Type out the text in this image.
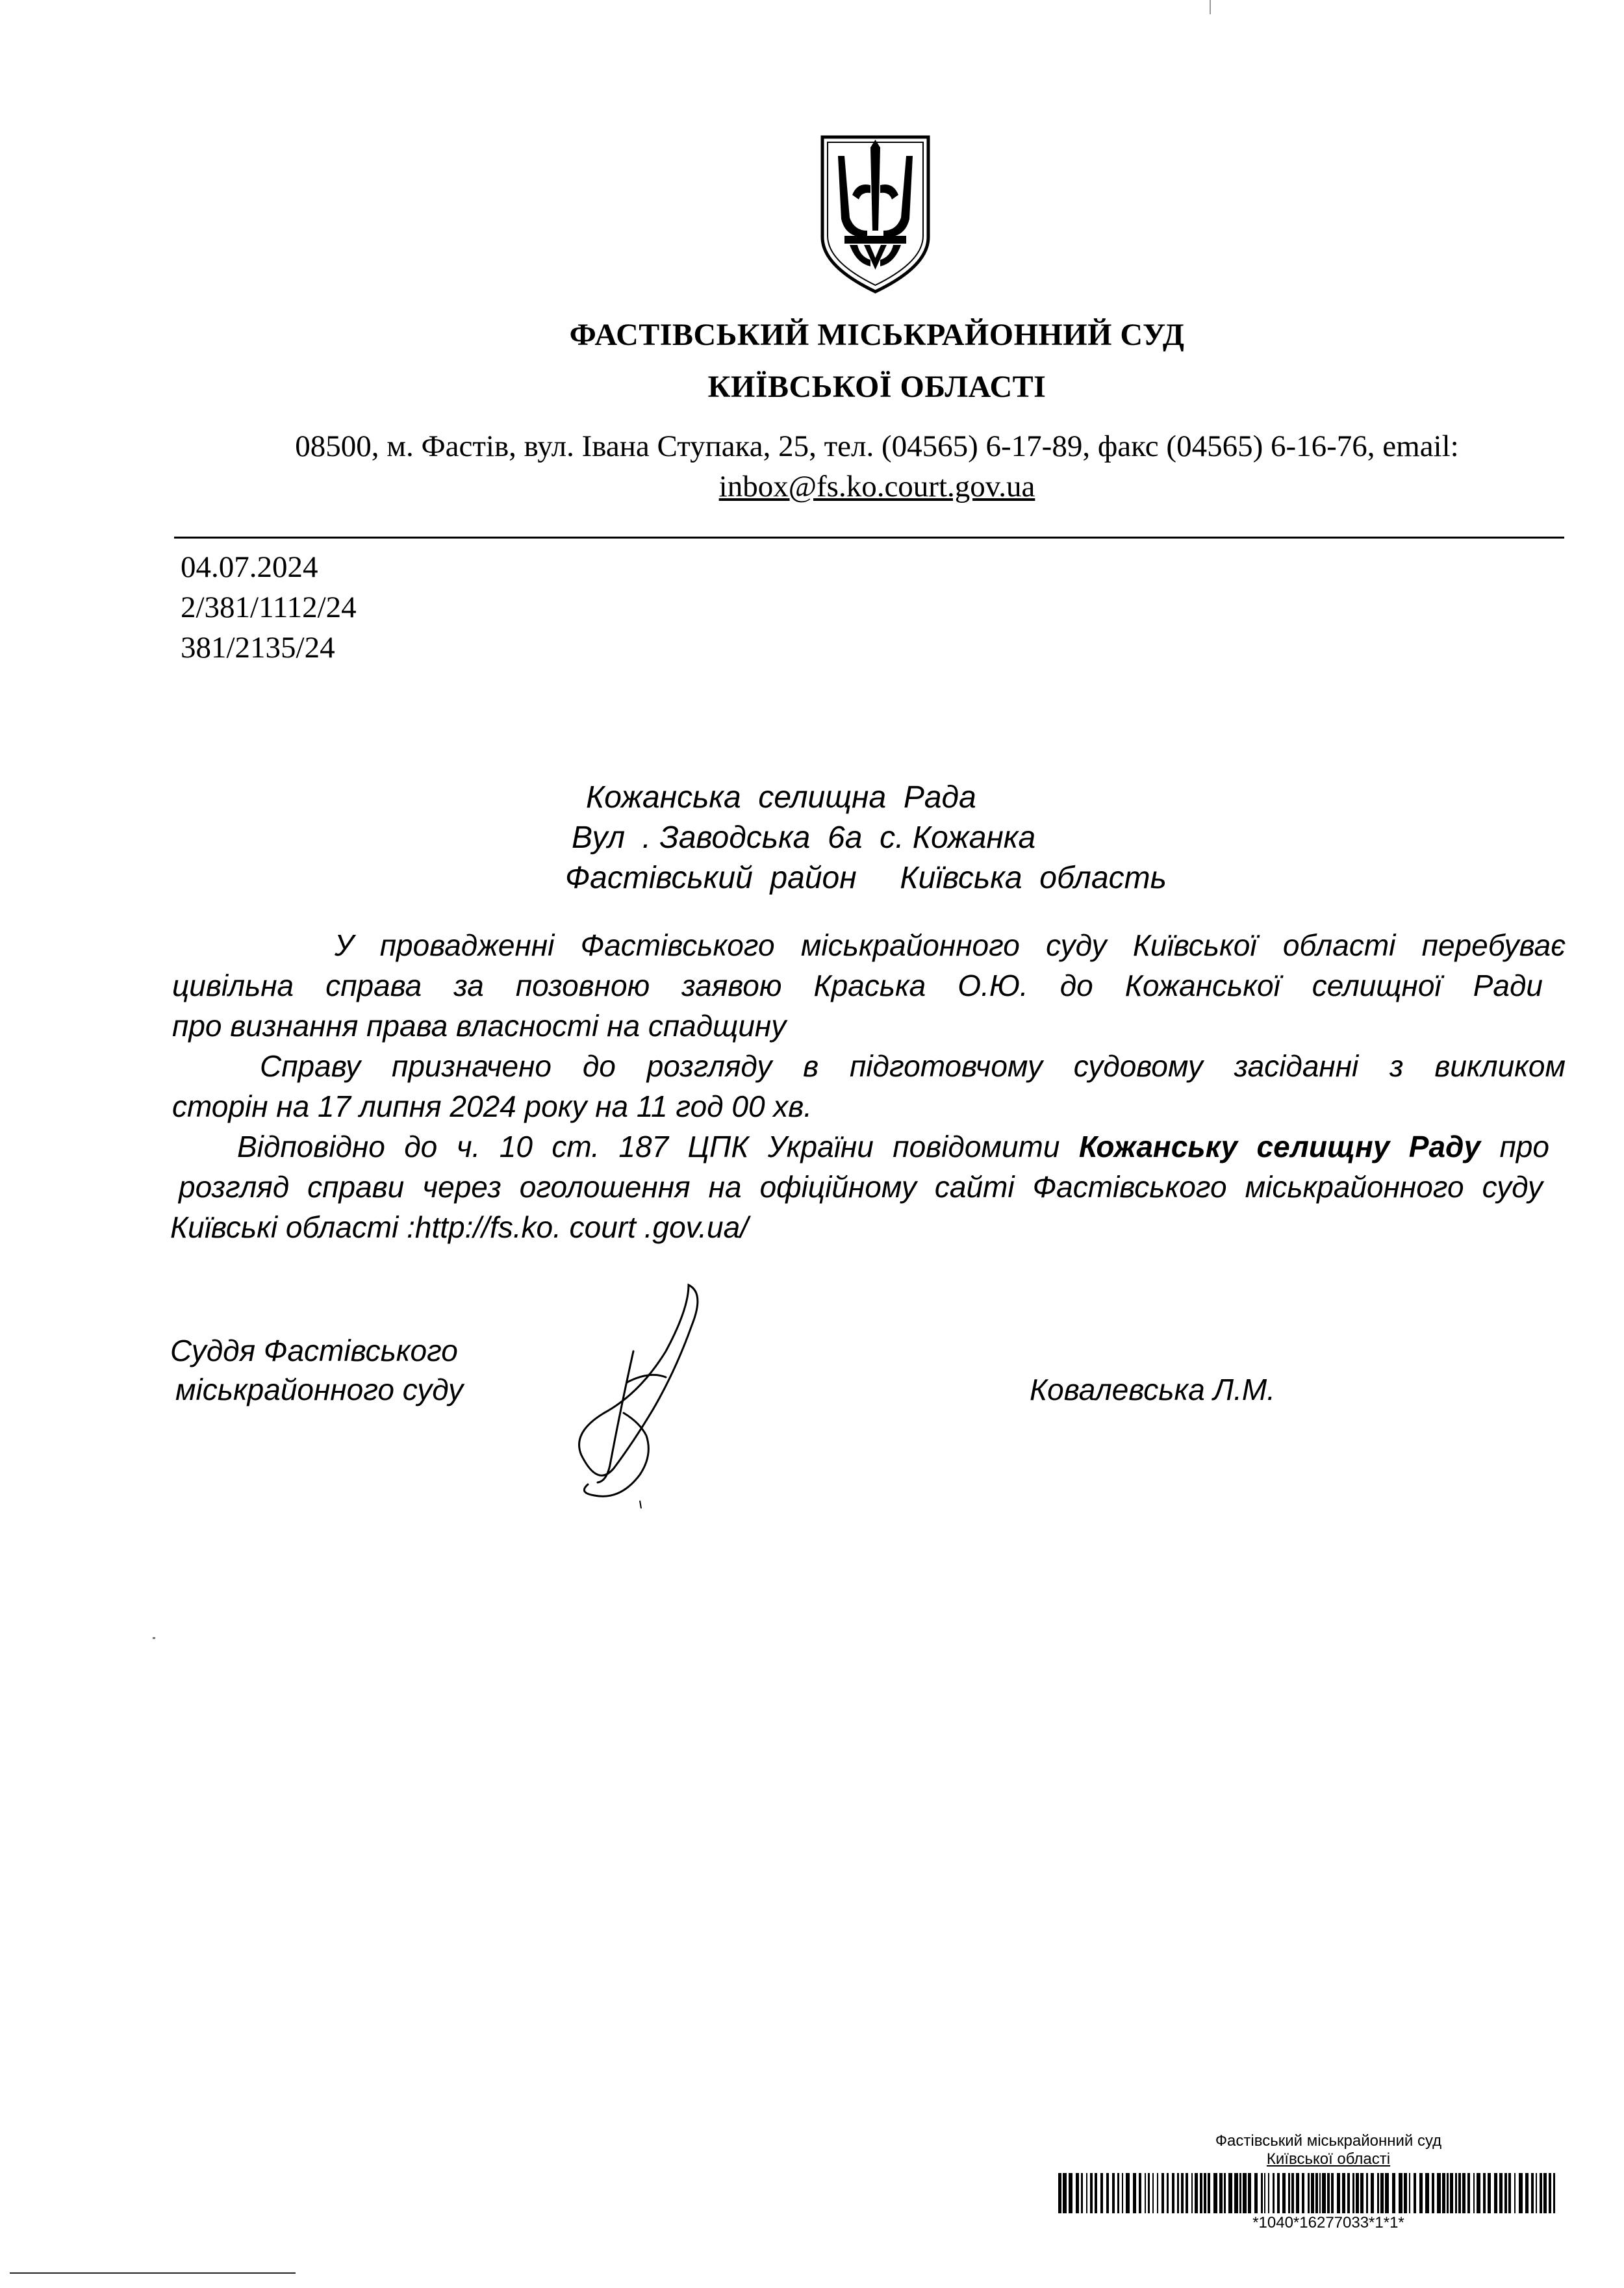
ФАСТІВСЬКИЙ МІСЬКРАЙОННИЙ СУД
КИЇВСЬКОЇ ОБЛАСТІ
08500, м. Фастів, вул. Івана Ступака, 25, тел. (04565) 6-17-89, факс (04565) 6-16-76, email:
inbox@fs.ko.court.gov.ua
04.07.2024
2/381/1112/24
381/2135/24
Кожанська  селищна  Рада
Вул  . Заводська  6а  с. Кожанка
Фастівський  район     Київська  область
У провадженні Фастівського міськрайонного суду Київської області перебуває
цивільна справа за позовною заявою Краська О.Ю. до Кожанської селищної Ради
про визнання права власності на спадщину
Справу призначено до розгляду в підготовчому судовому засіданні з викликом
сторін на 17 липня 2024 року на 11 год 00 хв.
Відповідно до ч. 10 ст. 187 ЦПК України повідомити Кожанську селищну Раду про
розгляд справи через оголошення на офіційному сайті Фастівського міськрайонного суду
Київські області :http://fs.ko. court .gov.ua/
Суддя Фастівського
міськрайонного суду	Ковалевська Л.М.
Фастівський міськрайонний суд
Київської області
*1040*16277033*1*1*
